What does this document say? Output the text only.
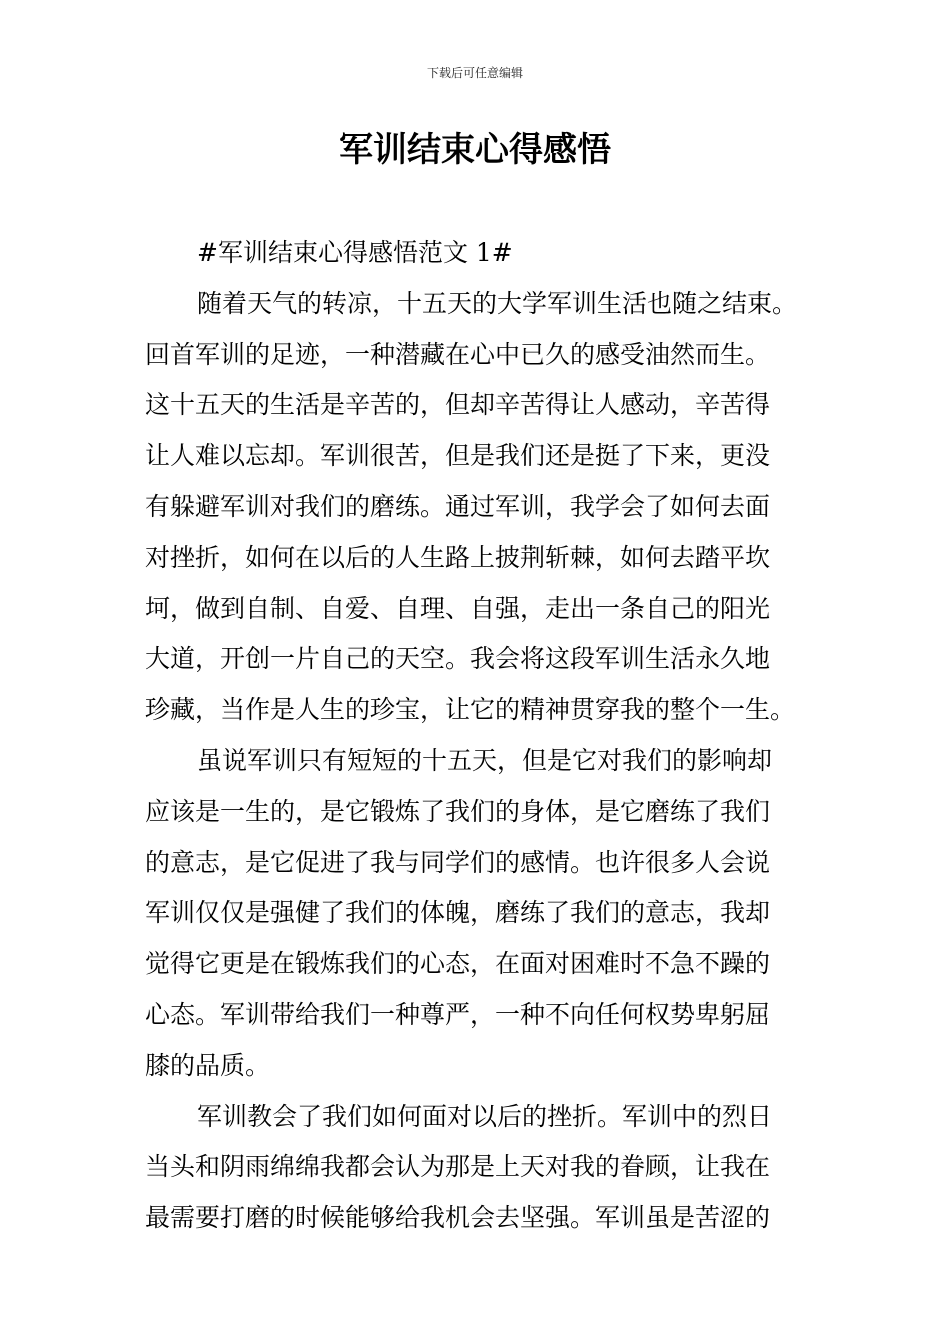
下载后可任意编辑
军训结束心得感悟
#军训结束心得感悟范文 1#
随着天气的转凉，十五天的大学军训生活也随之结束。
回首军训的足迹，一种潜藏在心中已久的感受油然而生。
这十五天的生活是辛苦的，但却辛苦得让人感动，辛苦得
让人难以忘却。军训很苦，但是我们还是挺了下来，更没
有躲避军训对我们的磨练。通过军训，我学会了如何去面
对挫折，如何在以后的人生路上披荆斩棘，如何去踏平坎
坷，做到自制、自爱、自理、自强，走出一条自己的阳光
大道，开创一片自己的天空。我会将这段军训生活永久地
珍藏，当作是人生的珍宝，让它的精神贯穿我的整个一生。
虽说军训只有短短的十五天，但是它对我们的影响却
应该是一生的，是它锻炼了我们的身体，是它磨练了我们
的意志，是它促进了我与同学们的感情。也许很多人会说
军训仅仅是强健了我们的体魄，磨练了我们的意志，我却
觉得它更是在锻炼我们的心态，在面对困难时不急不躁的
心态。军训带给我们一种尊严，一种不向任何权势卑躬屈
膝的品质。
军训教会了我们如何面对以后的挫折。军训中的烈日
当头和阴雨绵绵我都会认为那是上天对我的眷顾，让我在
最需要打磨的时候能够给我机会去坚强。军训虽是苦涩的
